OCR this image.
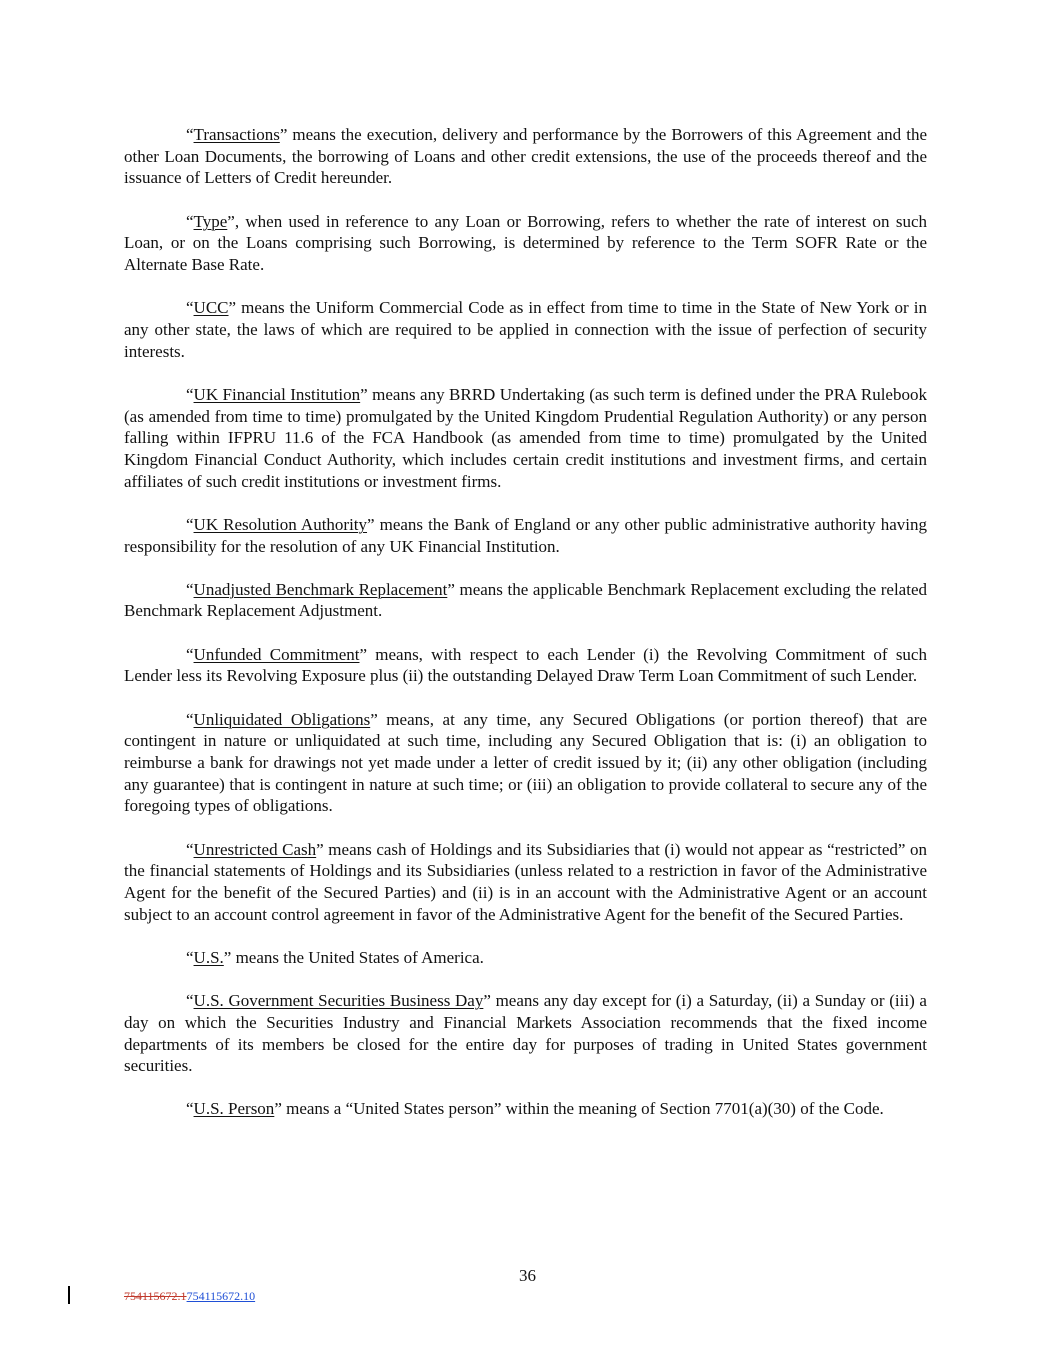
“Transactions” means the execution, delivery and performance by the Borrowers of this Agreement and the other Loan Documents, the borrowing of Loans and other credit extensions, the use of the proceeds thereof and the issuance of Letters of Credit hereunder.

“Type”, when used in reference to any Loan or Borrowing, refers to whether the rate of interest on such Loan, or on the Loans comprising such Borrowing, is determined by reference to the Term SOFR Rate or the Alternate Base Rate.

“UCC” means the Uniform Commercial Code as in effect from time to time in the State of New York or in any other state, the laws of which are required to be applied in connection with the issue of perfection of security interests.

“UK Financial Institution” means any BRRD Undertaking (as such term is defined under the PRA Rulebook (as amended from time to time) promulgated by the United Kingdom Prudential Regulation Authority) or any person falling within IFPRU 11.6 of the FCA Handbook (as amended from time to time) promulgated by the United Kingdom Financial Conduct Authority, which includes certain credit institutions and investment firms, and certain affiliates of such credit institutions or investment firms.

“UK Resolution Authority” means the Bank of England or any other public administrative authority having responsibility for the resolution of any UK Financial Institution.

“Unadjusted Benchmark Replacement” means the applicable Benchmark Replacement excluding the related Benchmark Replacement Adjustment.

“Unfunded Commitment” means, with respect to each Lender (i) the Revolving Commitment of such Lender less its Revolving Exposure plus (ii) the outstanding Delayed Draw Term Loan Commitment of such Lender.

“Unliquidated Obligations” means, at any time, any Secured Obligations (or portion thereof) that are contingent in nature or unliquidated at such time, including any Secured Obligation that is: (i) an obligation to reimburse a bank for drawings not yet made under a letter of credit issued by it; (ii) any other obligation (including any guarantee) that is contingent in nature at such time; or (iii) an obligation to provide collateral to secure any of the foregoing types of obligations.

“Unrestricted Cash” means cash of Holdings and its Subsidiaries that (i) would not appear as “restricted” on the financial statements of Holdings and its Subsidiaries (unless related to a restriction in favor of the Administrative Agent for the benefit of the Secured Parties) and (ii) is in an account with the Administrative Agent or an account subject to an account control agreement in favor of the Administrative Agent for the benefit of the Secured Parties.

“U.S.” means the United States of America.

“U.S. Government Securities Business Day” means any day except for (i) a Saturday, (ii) a Sunday or (iii) a day on which the Securities Industry and Financial Markets Association recommends that the fixed income departments of its members be closed for the entire day for purposes of trading in United States government securities.

“U.S. Person” means a “United States person” within the meaning of Section 7701(a)(30) of the Code.

36
754115672.1754115672.10
